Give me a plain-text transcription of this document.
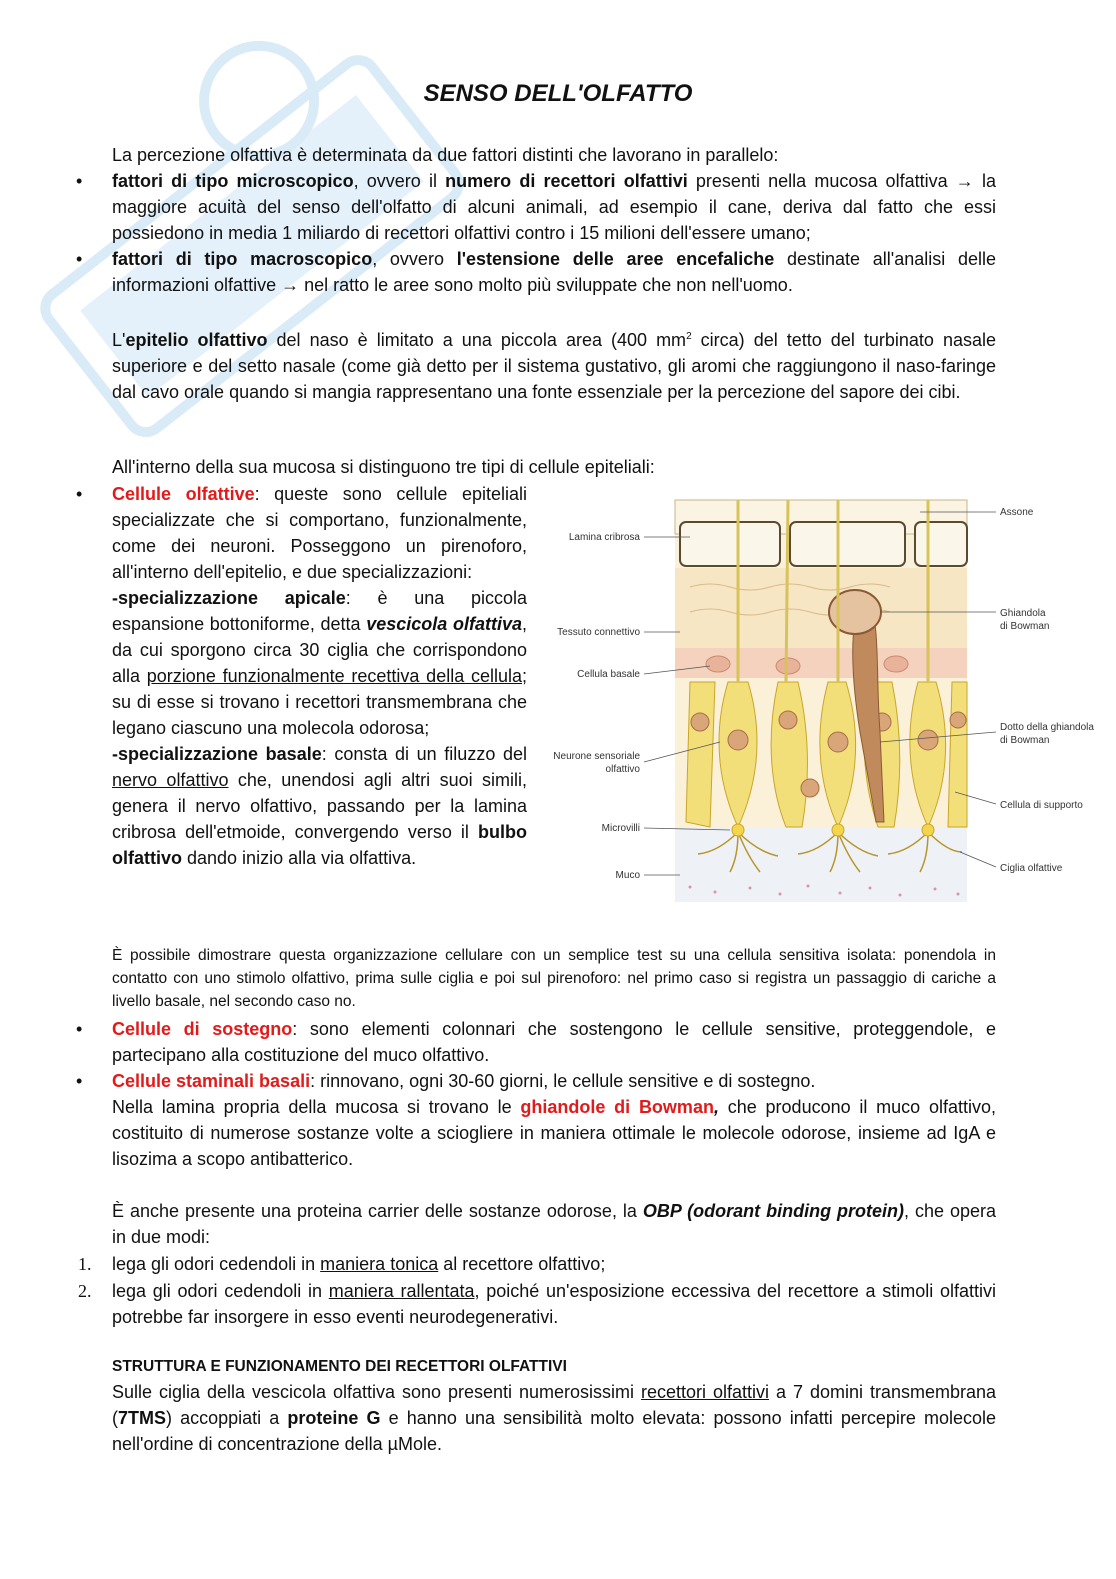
SENSO DELL'OLFATTO

La percezione olfattiva è determinata da due fattori distinti che lavorano in parallelo:

• fattori di tipo microscopico, ovvero il numero di recettori olfattivi presenti nella mucosa olfattiva → la maggiore acuità del senso dell'olfatto di alcuni animali, ad esempio il cane, deriva dal fatto che essi possiedono in media 1 miliardo di recettori olfattivi contro i 15 milioni dell'essere umano;

• fattori di tipo macroscopico, ovvero l'estensione delle aree encefaliche destinate all'analisi delle informazioni olfattive → nel ratto le aree sono molto più sviluppate che non nell'uomo.

L'epitelio olfattivo del naso è limitato a una piccola area (400 $mm^2$ circa) del tetto del turbinato nasale superiore e del setto nasale (come già detto per il sistema gustativo, gli aromi che raggiungono il naso-faringe dal cavo orale quando si mangia rappresentano una fonte essenziale per la percezione del sapore dei cibi.

All'interno della sua mucosa si distinguono tre tipi di cellule epiteliali:

• Cellule olfattive: queste sono cellule epiteliali specializzate che si comportano, funzionalmente, come dei neuroni. Posseggono un pirenoforo, all'interno dell'epitelio, e due specializzazioni:
-specializzazione apicale: è una piccola espansione bottoniforme, detta vescicola olfattiva, da cui sporgono circa 30 ciglia che corrispondono alla porzione funzionalmente recettiva della cellula; su di esse si trovano i recettori transmembrana che legano ciascuno una molecola odorosa;
-specializzazione basale: consta di un filuzzo del nervo olfattivo che, unendosi agli altri suoi simili, genera il nervo olfattivo, passando per la lamina cribrosa dell'etmoide, convergendo verso il bulbo olfattivo dando inizio alla via olfattiva.

Lamina cribrosa
Tessuto connettivo
Cellula basale
Neurone sensoriale
olfattivo
Microvilli
Muco
Assone
Ghiandola
di Bowman
Dotto della ghiandola
di Bowman
Cellula di supporto
Ciglia olfattive

È possibile dimostrare questa organizzazione cellulare con un semplice test su una cellula sensitiva isolata: ponendola in contatto con uno stimolo olfattivo, prima sulle ciglia e poi sul pirenoforo: nel primo caso si registra un passaggio di cariche a livello basale, nel secondo caso no.

• Cellule di sostegno: sono elementi colonnari che sostengono le cellule sensitive, proteggendole, e partecipano alla costituzione del muco olfattivo.

• Cellule staminali basali: rinnovano, ogni 30-60 giorni, le cellule sensitive e di sostegno.

Nella lamina propria della mucosa si trovano le ghiandole di Bowman, che producono il muco olfattivo, costituito di numerose sostanze volte a sciogliere in maniera ottimale le molecole odorose, insieme ad IgA e lisozima a scopo antibatterico.

È anche presente una proteina carrier delle sostanze odorose, la OBP (odorant binding protein), che opera in due modi:

1. lega gli odori cedendoli in maniera tonica al recettore olfattivo;

2. lega gli odori cedendoli in maniera rallentata, poiché un'esposizione eccessiva del recettore a stimoli olfattivi potrebbe far insorgere in esso eventi neurodegenerativi.

STRUTTURA E FUNZIONAMENTO DEI RECETTORI OLFATTIVI

Sulle ciglia della vescicola olfattiva sono presenti numerosissimi recettori olfattivi a 7 domini transmembrana (7TMS) accoppiati a proteine G e hanno una sensibilità molto elevata: possono infatti percepire molecole nell'ordine di concentrazione della µMole.
